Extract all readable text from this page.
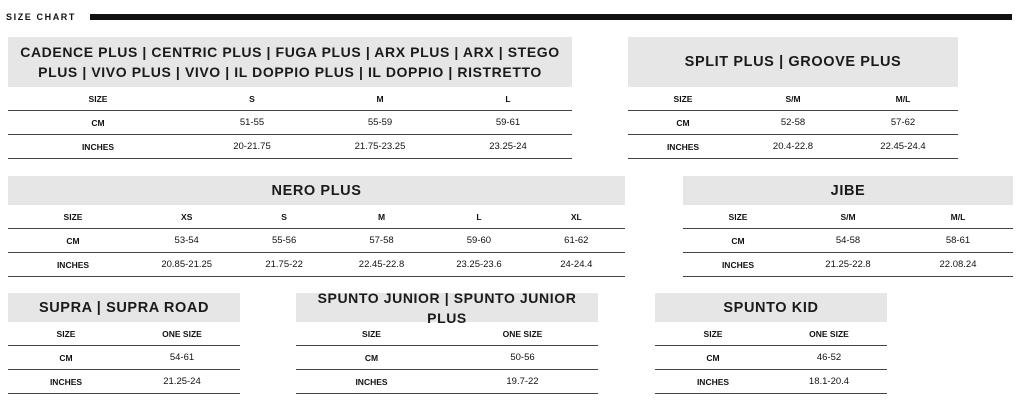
SIZE CHART
CADENCE PLUS | CENTRIC PLUS | FUGA PLUS | ARX PLUS | ARX | STEGO PLUS | VIVO PLUS | VIVO | IL DOPPIO PLUS | IL DOPPIO | RISTRETTO
SIZE	S	M	L
CM	51-55	55-59	59-61
INCHES	20-21.75	21.75-23.25	23.25-24
SPLIT PLUS | GROOVE PLUS
SIZE	S/M	M/L
CM	52-58	57-62
INCHES	20.4-22.8	22.45-24.4
NERO PLUS
SIZE	XS	S	M	L	XL
CM	53-54	55-56	57-58	59-60	61-62
INCHES	20.85-21.25	21.75-22	22.45-22.8	23.25-23.6	24-24.4
JIBE
SIZE	S/M	M/L
CM	54-58	58-61
INCHES	21.25-22.8	22.08.24
SUPRA | SUPRA ROAD
SIZE	ONE SIZE
CM	54-61
INCHES	21.25-24
SPUNTO JUNIOR | SPUNTO JUNIOR PLUS
SIZE	ONE SIZE
CM	50-56
INCHES	19.7-22
SPUNTO KID
SIZE	ONE SIZE
CM	46-52
INCHES	18.1-20.4
